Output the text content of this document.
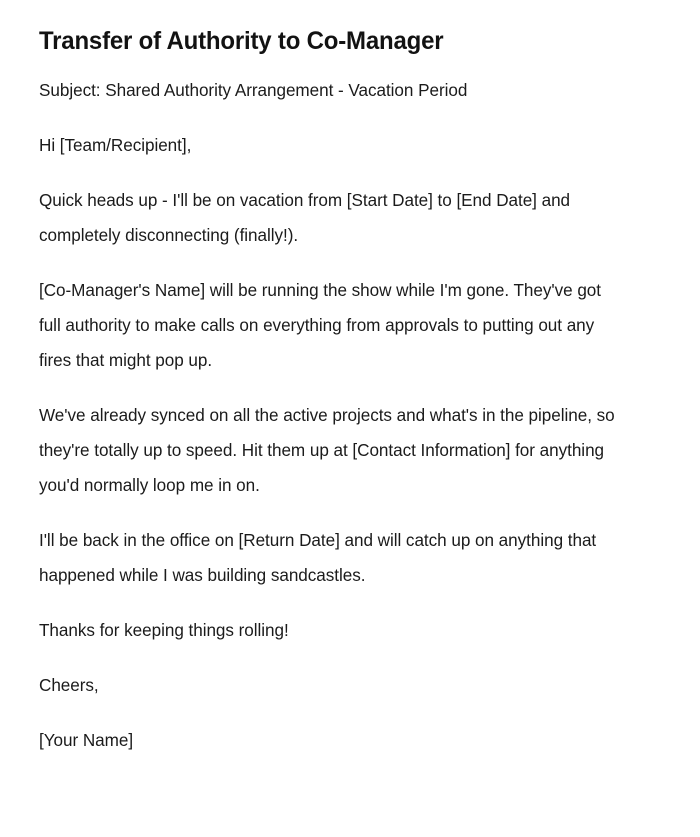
Transfer of Authority to Co-Manager

Subject: Shared Authority Arrangement - Vacation Period

Hi [Team/Recipient],

Quick heads up - I'll be on vacation from [Start Date] to [End Date] and completely disconnecting (finally!).

[Co-Manager's Name] will be running the show while I'm gone. They've got full authority to make calls on everything from approvals to putting out any fires that might pop up.

We've already synced on all the active projects and what's in the pipeline, so they're totally up to speed. Hit them up at [Contact Information] for anything you'd normally loop me in on.

I'll be back in the office on [Return Date] and will catch up on anything that happened while I was building sandcastles.

Thanks for keeping things rolling!

Cheers,

[Your Name]
